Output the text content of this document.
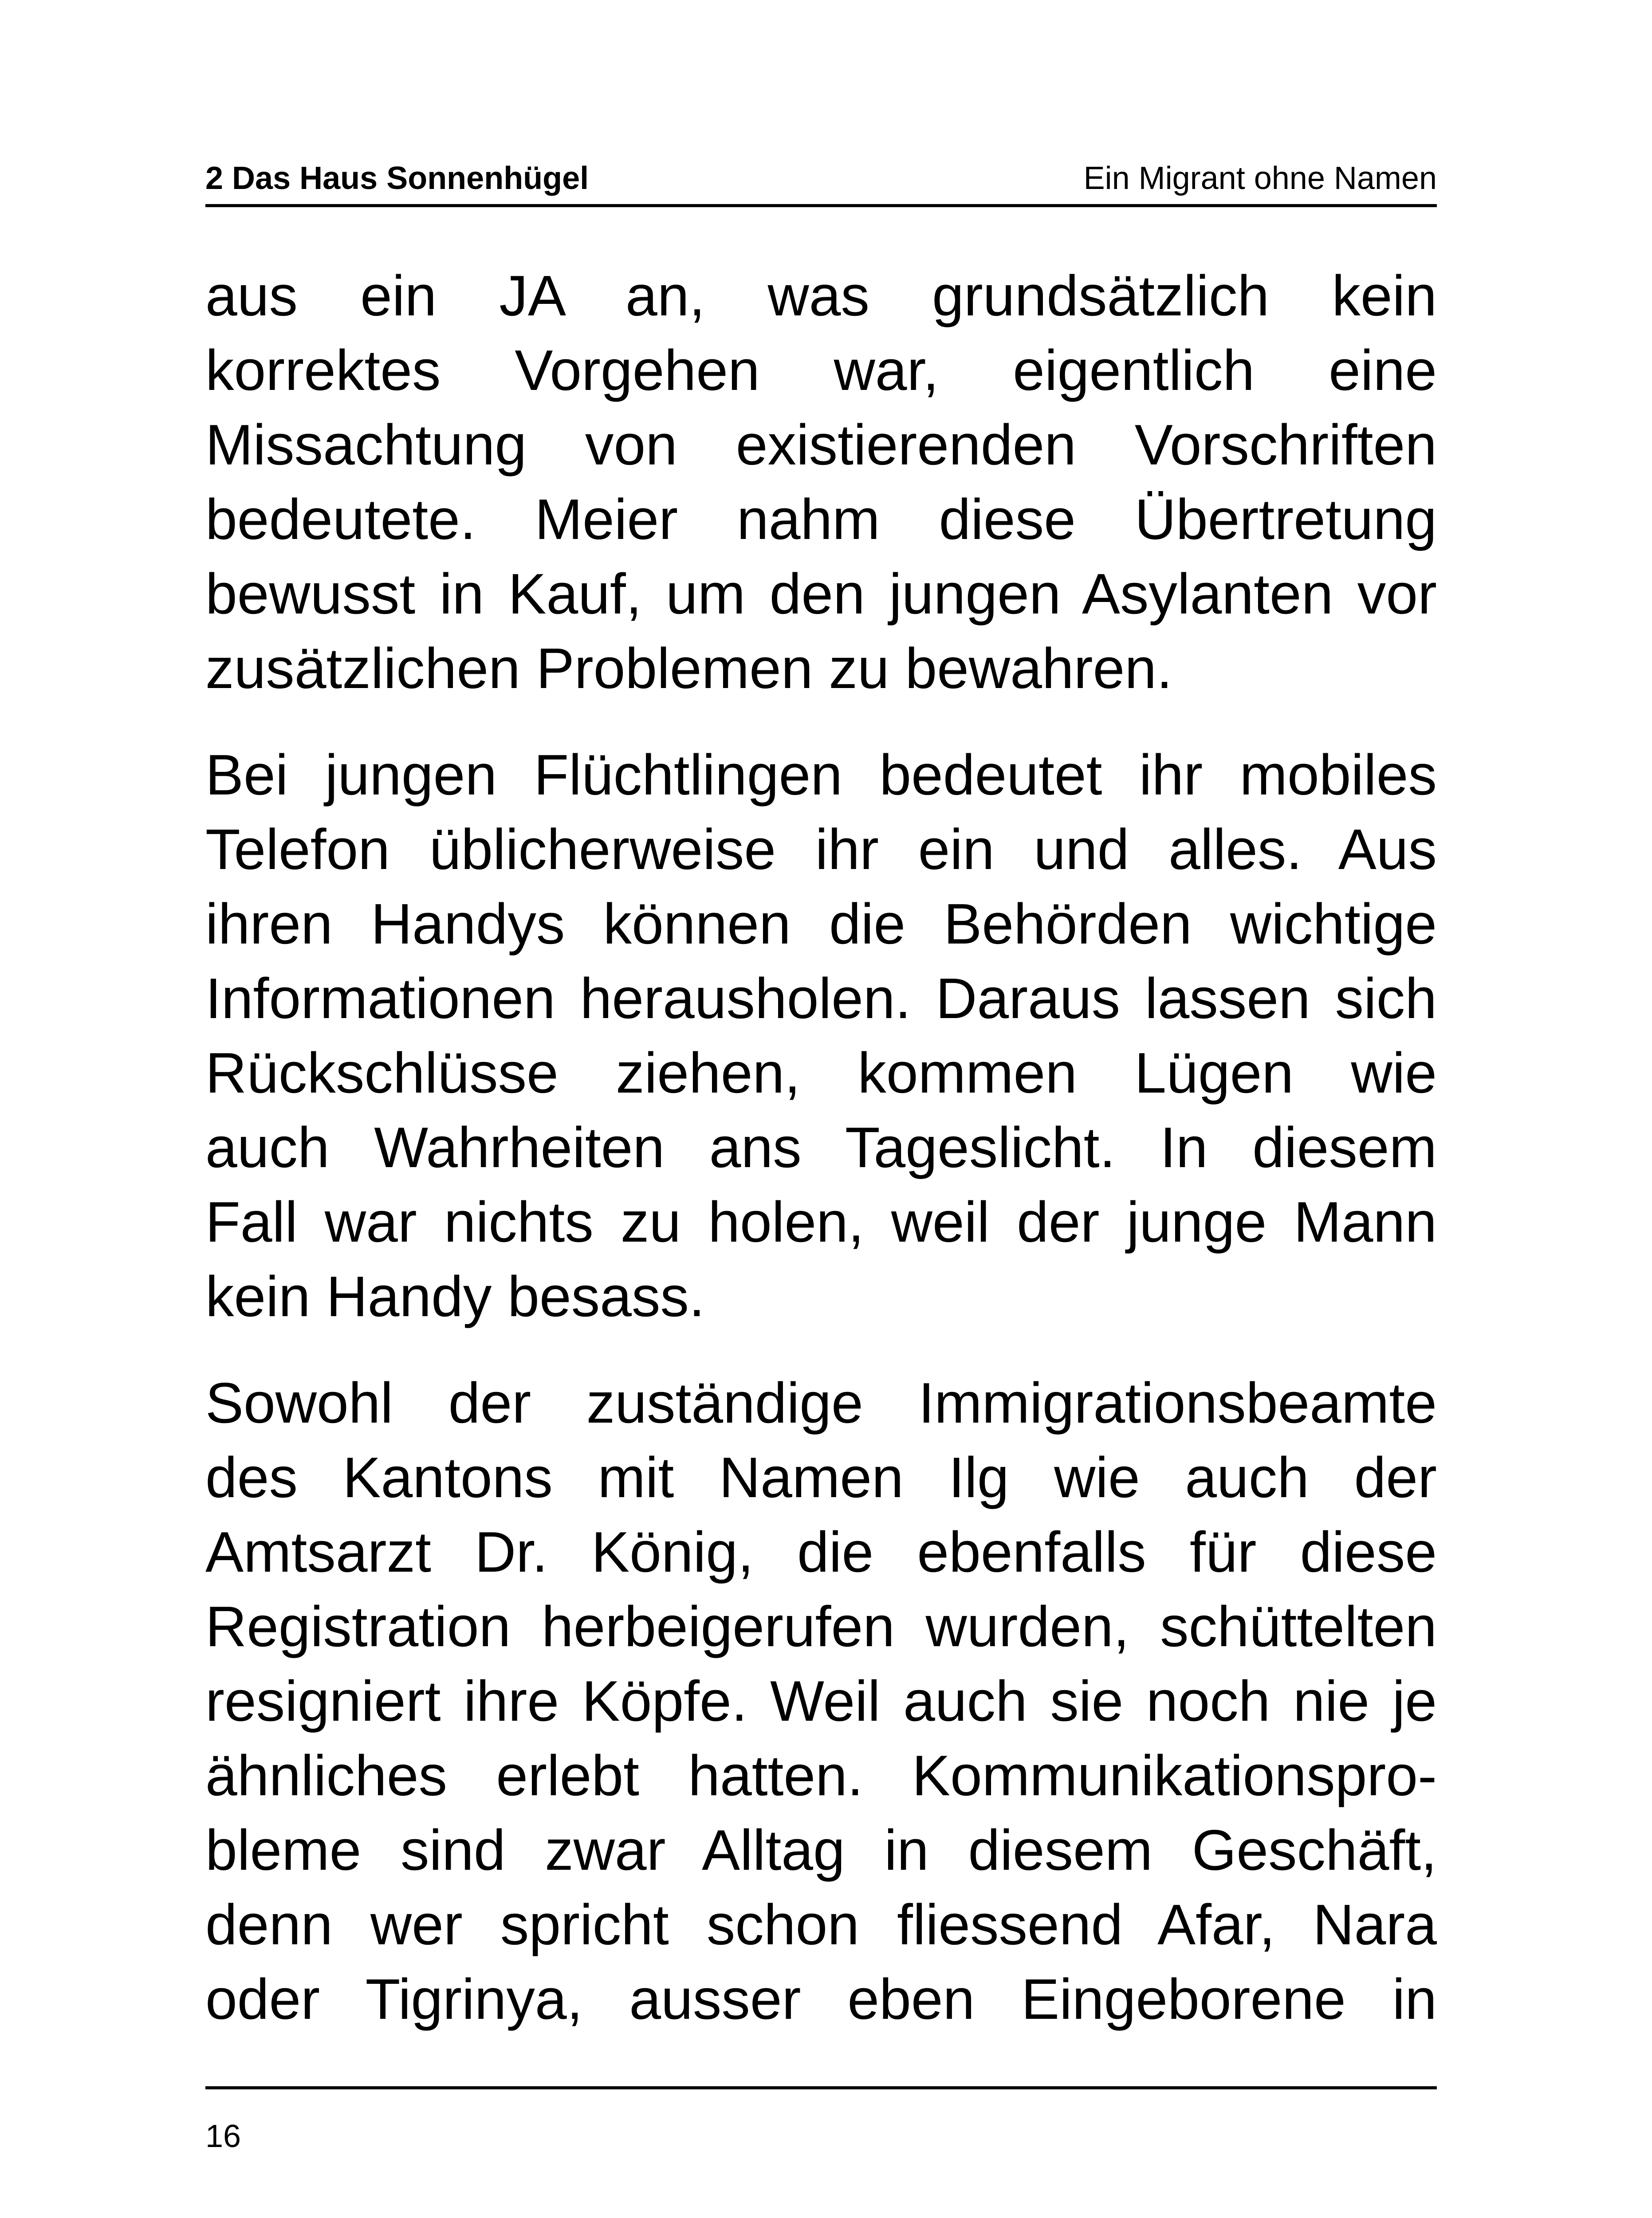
2 Das Haus Sonnenhügel	Ein Migrant ohne Namen
aus ein JA an, was grundsätzlich kein
korrektes Vorgehen war, eigentlich eine
Missachtung von existierenden Vorschriften
bedeutete. Meier nahm diese Übertretung
bewusst in Kauf, um den jungen Asylanten vor
zusätzlichen Problemen zu bewahren.
Bei jungen Flüchtlingen bedeutet ihr mobiles
Telefon üblicherweise ihr ein und alles. Aus
ihren Handys können die Behörden wichtige
Informationen herausholen. Daraus lassen sich
Rückschlüsse ziehen, kommen Lügen wie
auch Wahrheiten ans Tageslicht. In diesem
Fall war nichts zu holen, weil der junge Mann
kein Handy besass.
Sowohl der zuständige Immigrationsbeamte
des Kantons mit Namen Ilg wie auch der
Amtsarzt Dr. König, die ebenfalls für diese
Registration herbeigerufen wurden, schüttelten
resigniert ihre Köpfe. Weil auch sie noch nie je
ähnliches erlebt hatten. Kommunikationspro-
bleme sind zwar Alltag in diesem Geschäft,
denn wer spricht schon fliessend Afar, Nara
oder Tigrinya, ausser eben Eingeborene in
16
